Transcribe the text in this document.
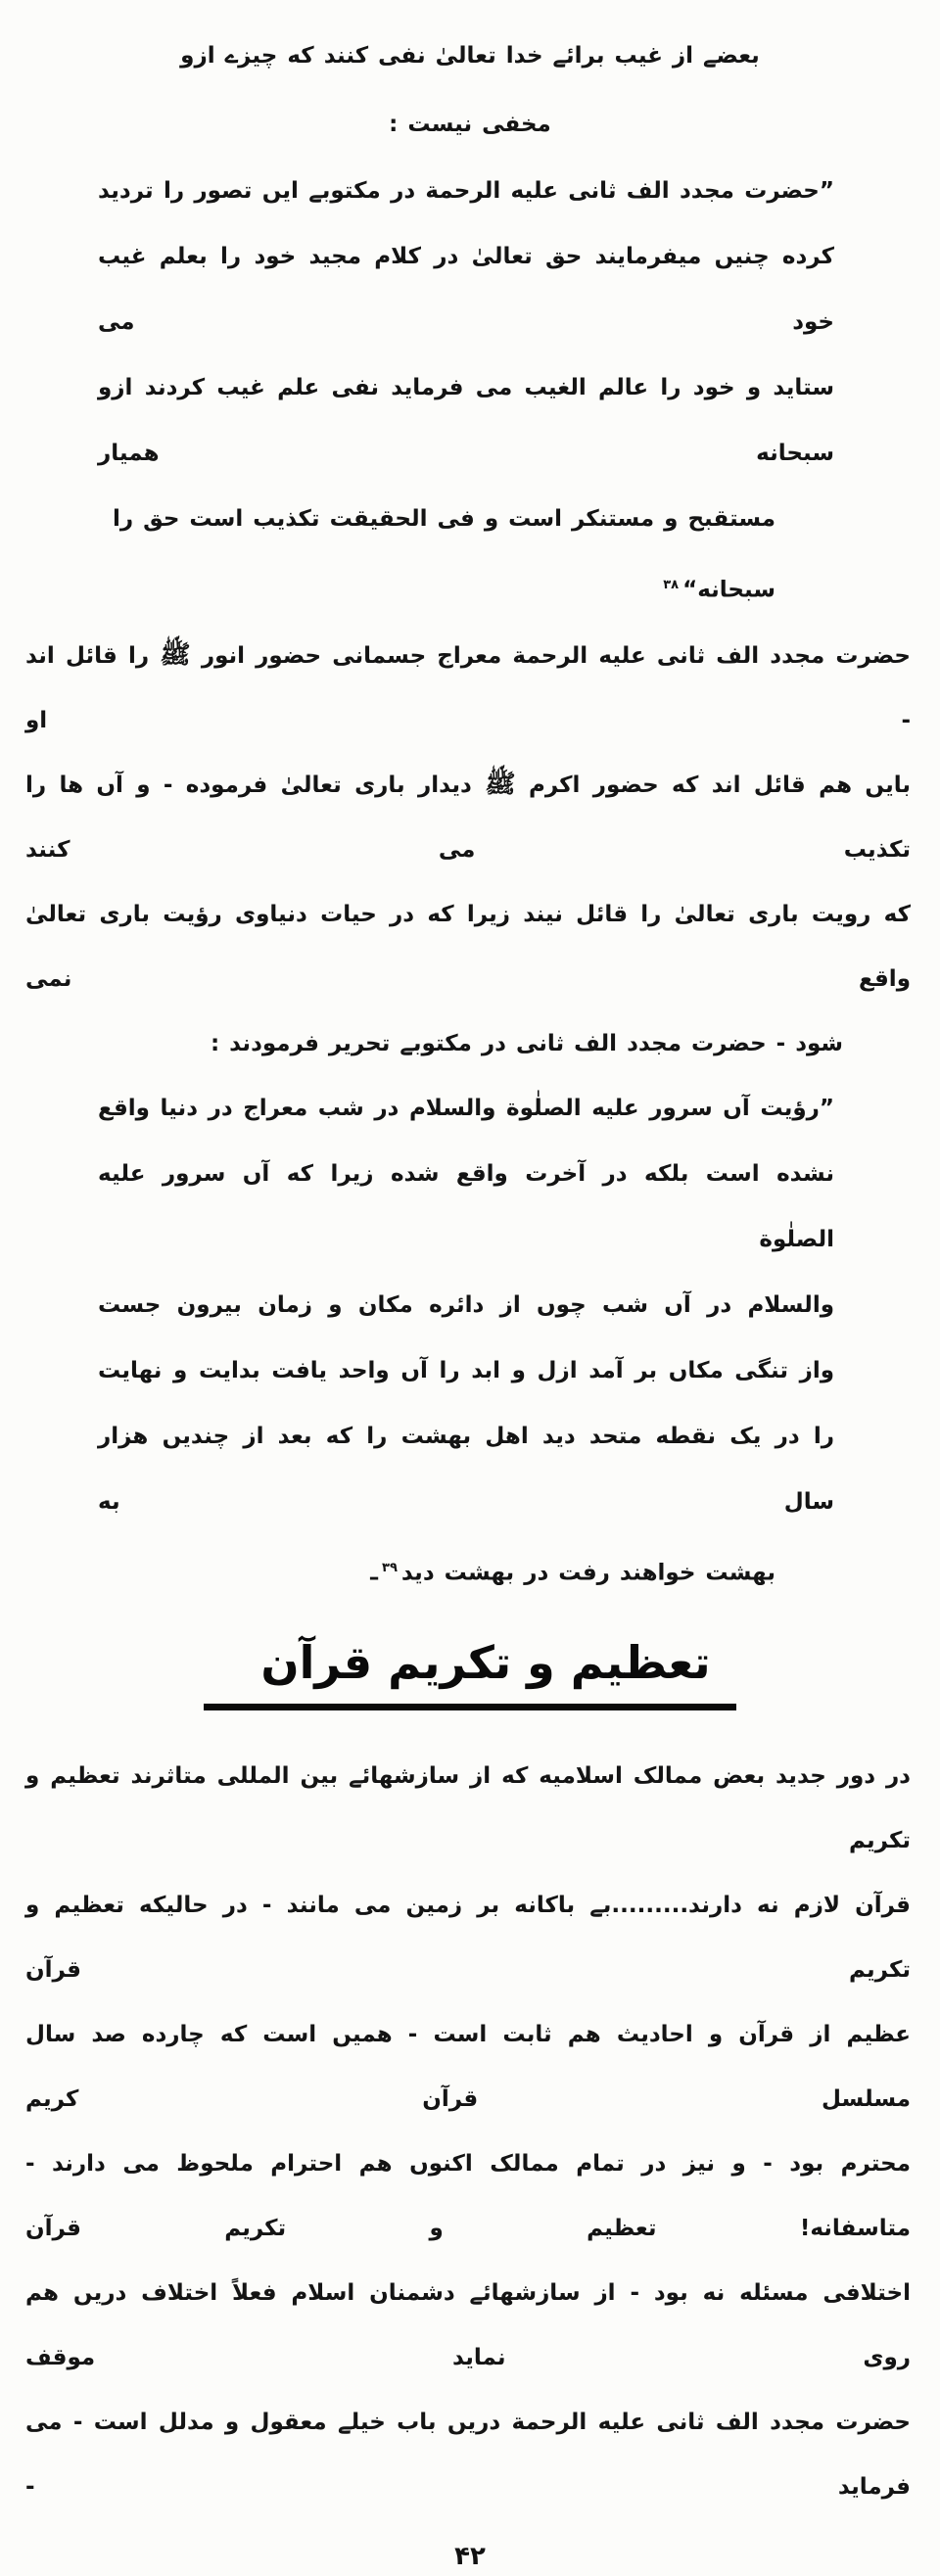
بعضے از غیب برائے خدا تعالیٰ نفی کنند که چیزے ازو مخفی نیست :

”حضرت مجدد الف ثانی علیه الرحمة در مکتوبے ایں تصور را تردید

کرده چنیں میفرمایند حق تعالیٰ در کلام مجید خود را بعلم غیب خود می

ستاید و خود را عالم الغیب می فرماید نفی علم غیب کردند ازو سبحانه همیار

مستقبح و مستنکر است و فی الحقیقت تکذیب است حق را سبحانه“$^{۳۸}$

حضرت مجدد الف ثانی علیه الرحمة معراج جسمانی حضور انور ﷺ را قائل اند - او

بایں هم قائل اند که حضور اکرم ﷺ دیدار باری تعالیٰ فرموده - و آں ها را تکذیب می کنند

که رویت باری تعالیٰ را قائل نیند زیرا که در حیات دنیاوی رؤیت باری تعالیٰ واقع نمی

شود - حضرت مجدد الف ثانی در مکتوبے تحریر فرمودند :

”رؤیت آں سرور علیه الصلٰوة والسلام در شب معراج در دنیا واقع

نشده است بلکه در آخرت واقع شده زیرا که آں سرور علیه الصلٰوة

والسلام در آں شب چوں از دائره مکان و زمان بیرون جست

واز تنگی مکاں بر آمد ازل و ابد را آں واحد یافت بدایت و نهایت

را در یک نقطه متحد دید اهل بهشت را که بعد از چندیں هزار سال به

بهشت خواهند رفت در بهشت دید$^{۳۹}$ـ

تعظیم و تکریم قرآن

در دور جدید بعض ممالک اسلامیه که از سازشهائے بین المللی متاثرند تعظیم و تکریم

قرآن لازم نه دارند.........بے باکانه بر زمین می مانند - در حالیکه تعظیم و تکریم قرآن

عظیم از قرآن و احادیث هم ثابت است - همیں است که چارده صد سال مسلسل قرآن کریم

محترم بود - و نیز در تمام ممالک اکنوں هم احترام ملحوظ می دارند - متاسفانه! تعظیم و تکریم قرآن

اختلافی مسئله نه بود - از سازشهائے دشمنان اسلام فعلاً اختلاف دریں هم روی نماید موقف

حضرت مجدد الف ثانی علیه الرحمة دریں باب خیلے معقول و مدلل است - می فرماید -

۴۲
